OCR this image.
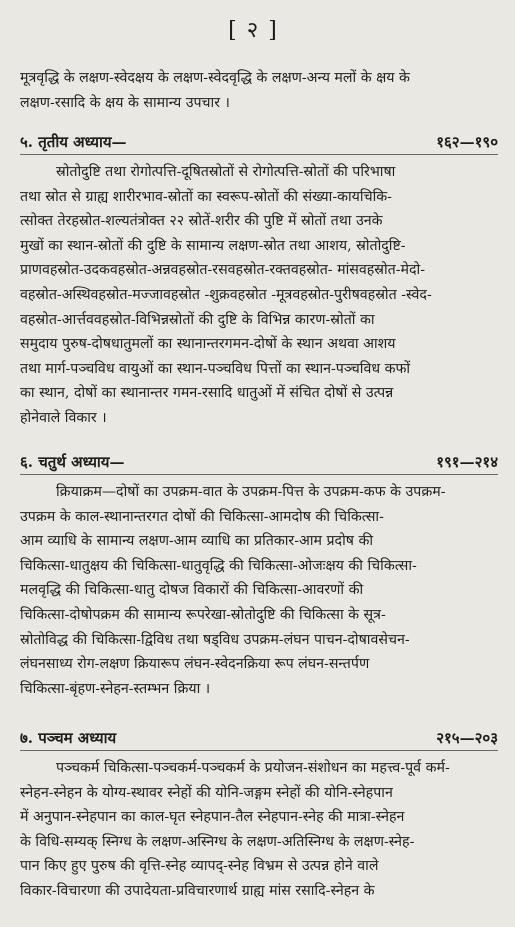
[२]
मूत्रवृद्धि के लक्षण-स्वेदक्षय के लक्षण-स्वेदवृद्धि के लक्षण-अन्य मलों के क्षय के
लक्षण-रसादि के क्षय के सामान्य उपचार ।
५. तृतीय अध्याय—	१६२—१९०
स्रोतोदुष्टि तथा रोगोत्पत्ति-दूषितस्रोतों से रोगोत्पत्ति-स्रोतों की परिभाषा
तथा स्रोत से ग्राह्य शारीरभाव-स्रोतों का स्वरूप-स्रोतों की संख्या-कायचिकि-
त्सोक्त तेरहस्रोत-शल्यतंत्रोक्त २२ स्रोतें-शरीर की पुष्टि में स्रोतों तथा उनके
मुखों का स्थान-स्रोतों की दुष्टि के सामान्य लक्षण-स्रोत तथा आशय, स्रोतोदुष्टि-
प्राणवहस्रोत-उदकवहस्रोत-अन्नवहस्रोत-रसवहस्रोत-रक्तवहस्रोत- मांसवहस्रोत-मेदो-
वहस्रोत-अस्थिवहस्रोत-मज्जावहस्रोत -शुक्रवहस्रोत -मूत्रवहस्रोत-पुरीषवहस्रोत -स्वेद-
वहस्रोत-आर्त्तववहस्रोत-विभिन्नस्रोतों की दुष्टि के विभिन्न कारण-स्रोतों का
समुदाय पुरुष-दोषधातुमलों का स्थानान्तरगमन-दोषों के स्थान अथवा आशय
तथा मार्ग-पञ्चविध वायुओं का स्थान-पञ्चविध पित्तों का स्थान-पञ्चविध कफों
का स्थान, दोषों का स्थानान्तर गमन-रसादि धातुओं में संचित दोषों से उत्पन्न
होनेवाले विकार ।
६. चतुर्थ अध्याय—	१९१—२१४
क्रियाक्रम—दोषों का उपक्रम-वात के उपक्रम-पित्त के उपक्रम-कफ के उपक्रम-
उपक्रम के काल-स्थानान्तरगत दोषों की चिकित्सा-आमदोष की चिकित्सा-
आम व्याधि के सामान्य लक्षण-आम व्याधि का प्रतिकार-आम प्रदोष की
चिकित्सा-धातुक्षय की चिकित्सा-धातुवृद्धि की चिकित्सा-ओजःक्षय की चिकित्सा-
मलवृद्धि की चिकित्सा-धातु दोषज विकारों की चिकित्सा-आवरणों की
चिकित्सा-दोषोपक्रम की सामान्य रूपरेखा-स्रोतोदुष्टि की चिकित्सा के सूत्र-
स्रोतोविद्ध की चिकित्सा-द्विविध तथा षड्विध उपक्रम-लंघन पाचन-दोषावसेचन-
लंघनसाध्य रोग-लक्षण क्रियारूप लंघन-स्वेदनक्रिया रूप लंघन-सन्तर्पण
चिकित्सा-बृंहण-स्नेहन-स्तम्भन क्रिया ।
७. पञ्चम अध्याय	२१५—२०३
पञ्चकर्म चिकित्सा-पञ्चकर्म-पञ्चकर्म के प्रयोजन-संशोधन का महत्त्व-पूर्व कर्म-
स्नेहन-स्नेहन के योग्य-स्थावर स्नेहों की योनि-जङ्गम स्नेहों की योनि-स्नेहपान
में अनुपान-स्नेहपान का काल-घृत स्नेहपान-तैल स्नेहपान-स्नेह की मात्रा-स्नेहन
के विधि-सम्यक् स्निग्ध के लक्षण-अस्निग्ध के लक्षण-अतिस्निग्ध के लक्षण-स्नेह-
पान किए हुए पुरुष की वृत्ति-स्नेह व्यापद्-स्नेह विभ्रम से उत्पन्न होने वाले
विकार-विचारणा की उपादेयता-प्रविचारणार्थ ग्राह्य मांस रसादि-स्नेहन के
